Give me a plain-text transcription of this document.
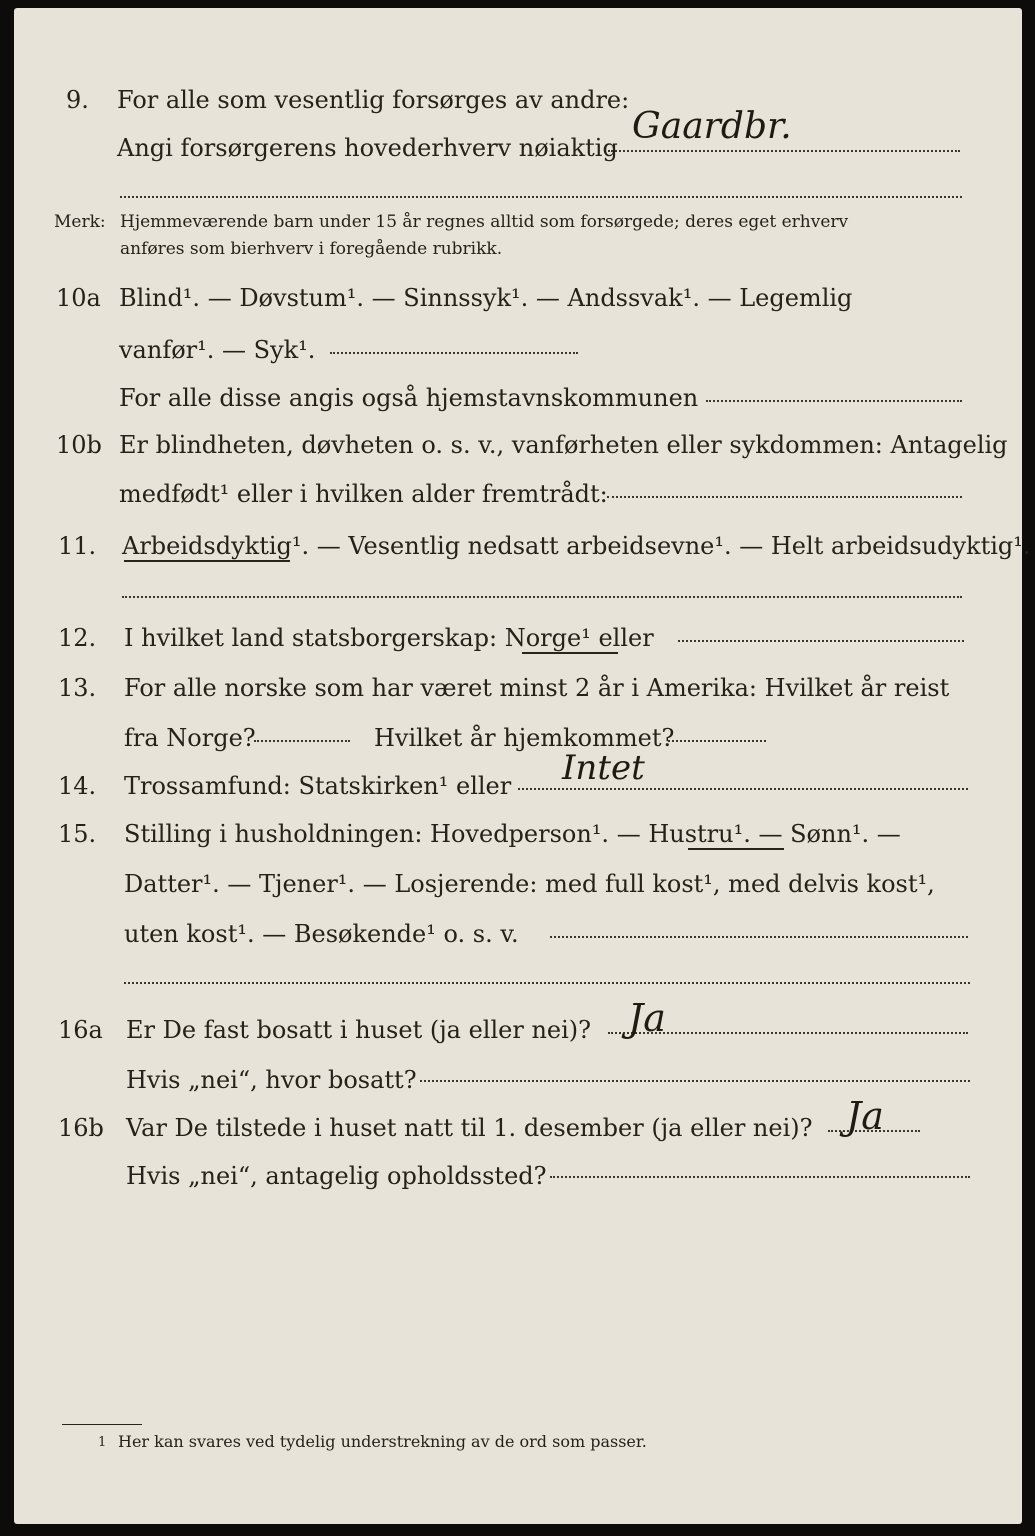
9. For alle som vesentlig forsørges av andre:
Angi forsørgerens hovederhverv nøiaktig
Gaardbr.
Merk: Hjemmeværende barn under 15 år regnes alltid som forsørgede; deres eget erhverv
anføres som bierhverv i foregående rubrikk.
10a Blind¹. — Døvstum¹. — Sinnssyk¹. — Andssvak¹. — Legemlig
vanfør¹. — Syk¹.
For alle disse angis også hjemstavnskommunen
10b Er blindheten, døvheten o. s. v., vanførheten eller sykdommen: Antagelig
medfødt¹ eller i hvilken alder fremtrådt:
11. Arbeidsdyktig¹. — Vesentlig nedsatt arbeidsevne¹. — Helt arbeidsudyktig¹.
12. I hvilket land statsborgerskap: Norge¹ eller
13. For alle norske som har været minst 2 år i Amerika: Hvilket år reist
fra Norge?	Hvilket år hjemkommet?
14. Trossamfund: Statskirken¹ eller Intet
15. Stilling i husholdningen: Hovedperson¹. — Hustru¹. — Sønn¹. —
Datter¹. — Tjener¹. — Losjerende: med full kost¹, med delvis kost¹,
uten kost¹. — Besøkende¹ o. s. v.
16a Er De fast bosatt i huset (ja eller nei)? Ja
Hvis „nei“, hvor bosatt?
16b Var De tilstede i huset natt til 1. desember (ja eller nei)? Ja
Hvis „nei“, antagelig opholdssted?
1 Her kan svares ved tydelig understrekning av de ord som passer.
